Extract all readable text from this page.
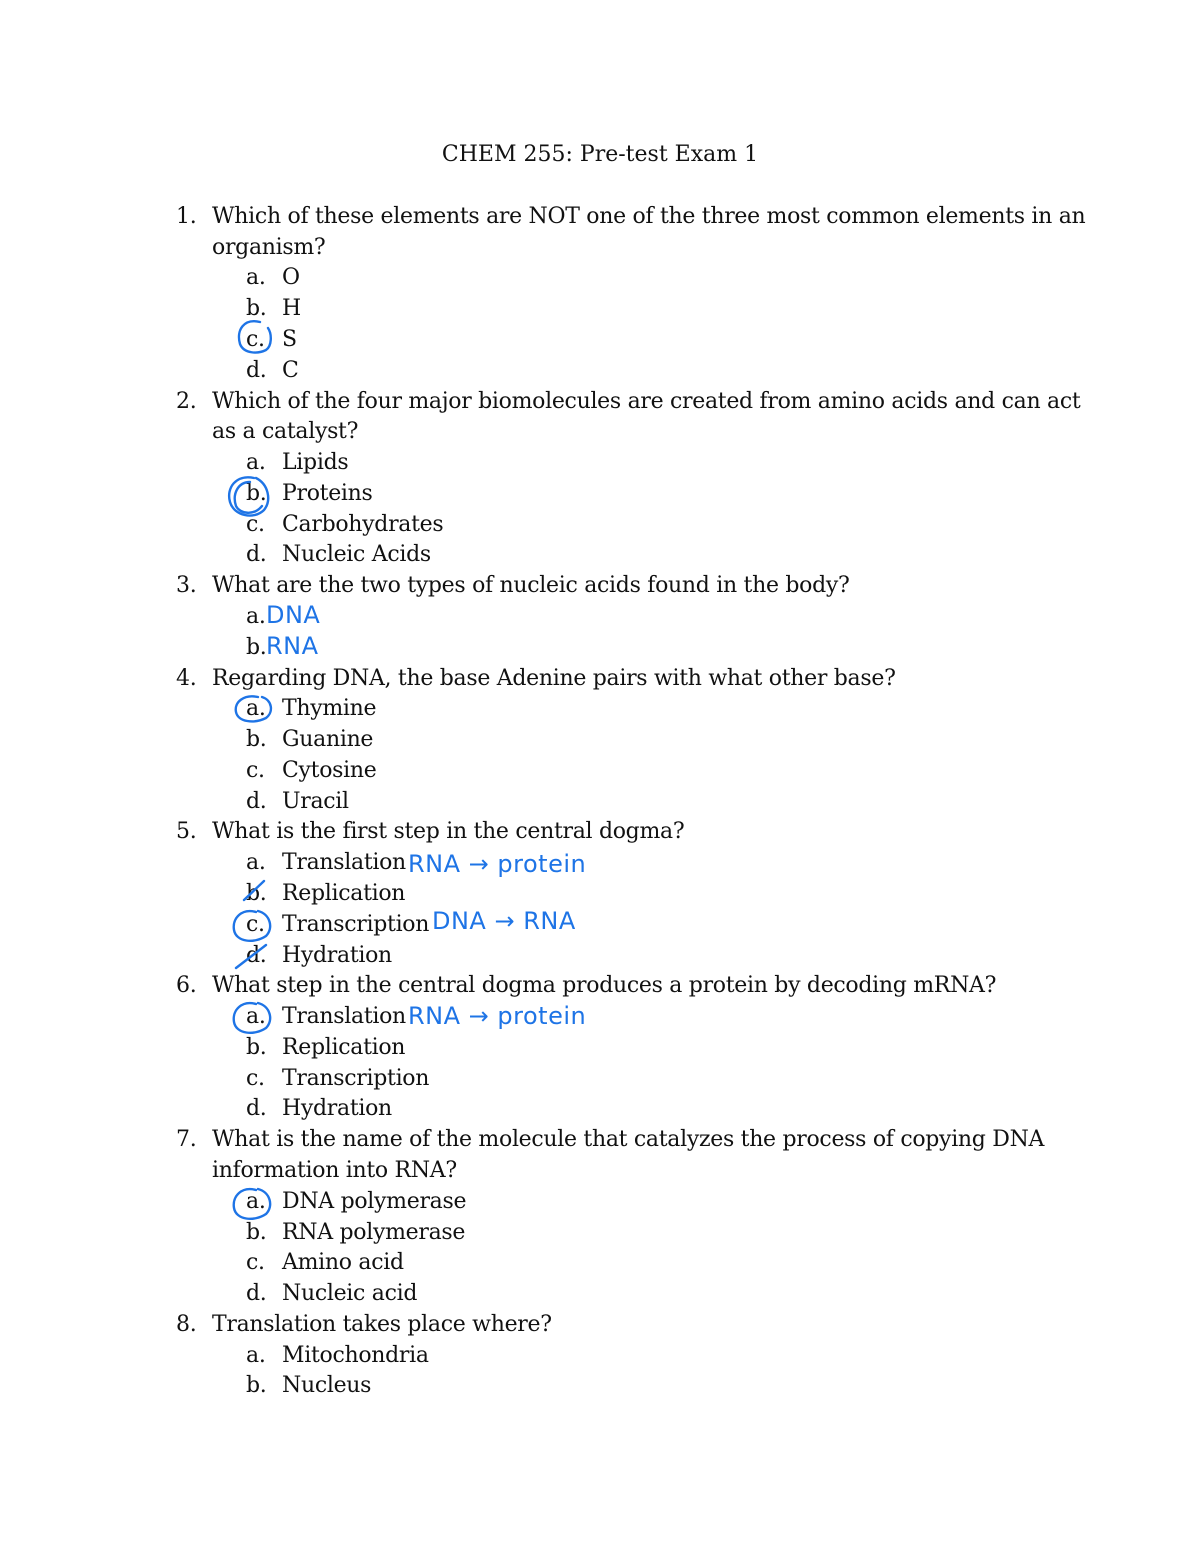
CHEM 255: Pre-test Exam 1
1. Which of these elements are NOT one of the three most common elements in an
organism?
a. O
b. H
c. S
d. C
2. Which of the four major biomolecules are created from amino acids and can act
as a catalyst?
a. Lipids
b. Proteins
c. Carbohydrates
d. Nucleic Acids
3. What are the two types of nucleic acids found in the body?
a. DNA
b. RNA
4. Regarding DNA, the base Adenine pairs with what other base?
a. Thymine
b. Guanine
c. Cytosine
d. Uracil
5. What is the first step in the central dogma?
a. Translation RNA → protein
b. Replication
c. Transcription DNA → RNA
d. Hydration
6. What step in the central dogma produces a protein by decoding mRNA?
a. Translation RNA → protein
b. Replication
c. Transcription
d. Hydration
7. What is the name of the molecule that catalyzes the process of copying DNA
information into RNA?
a. DNA polymerase
b. RNA polymerase
c. Amino acid
d. Nucleic acid
8. Translation takes place where?
a. Mitochondria
b. Nucleus
